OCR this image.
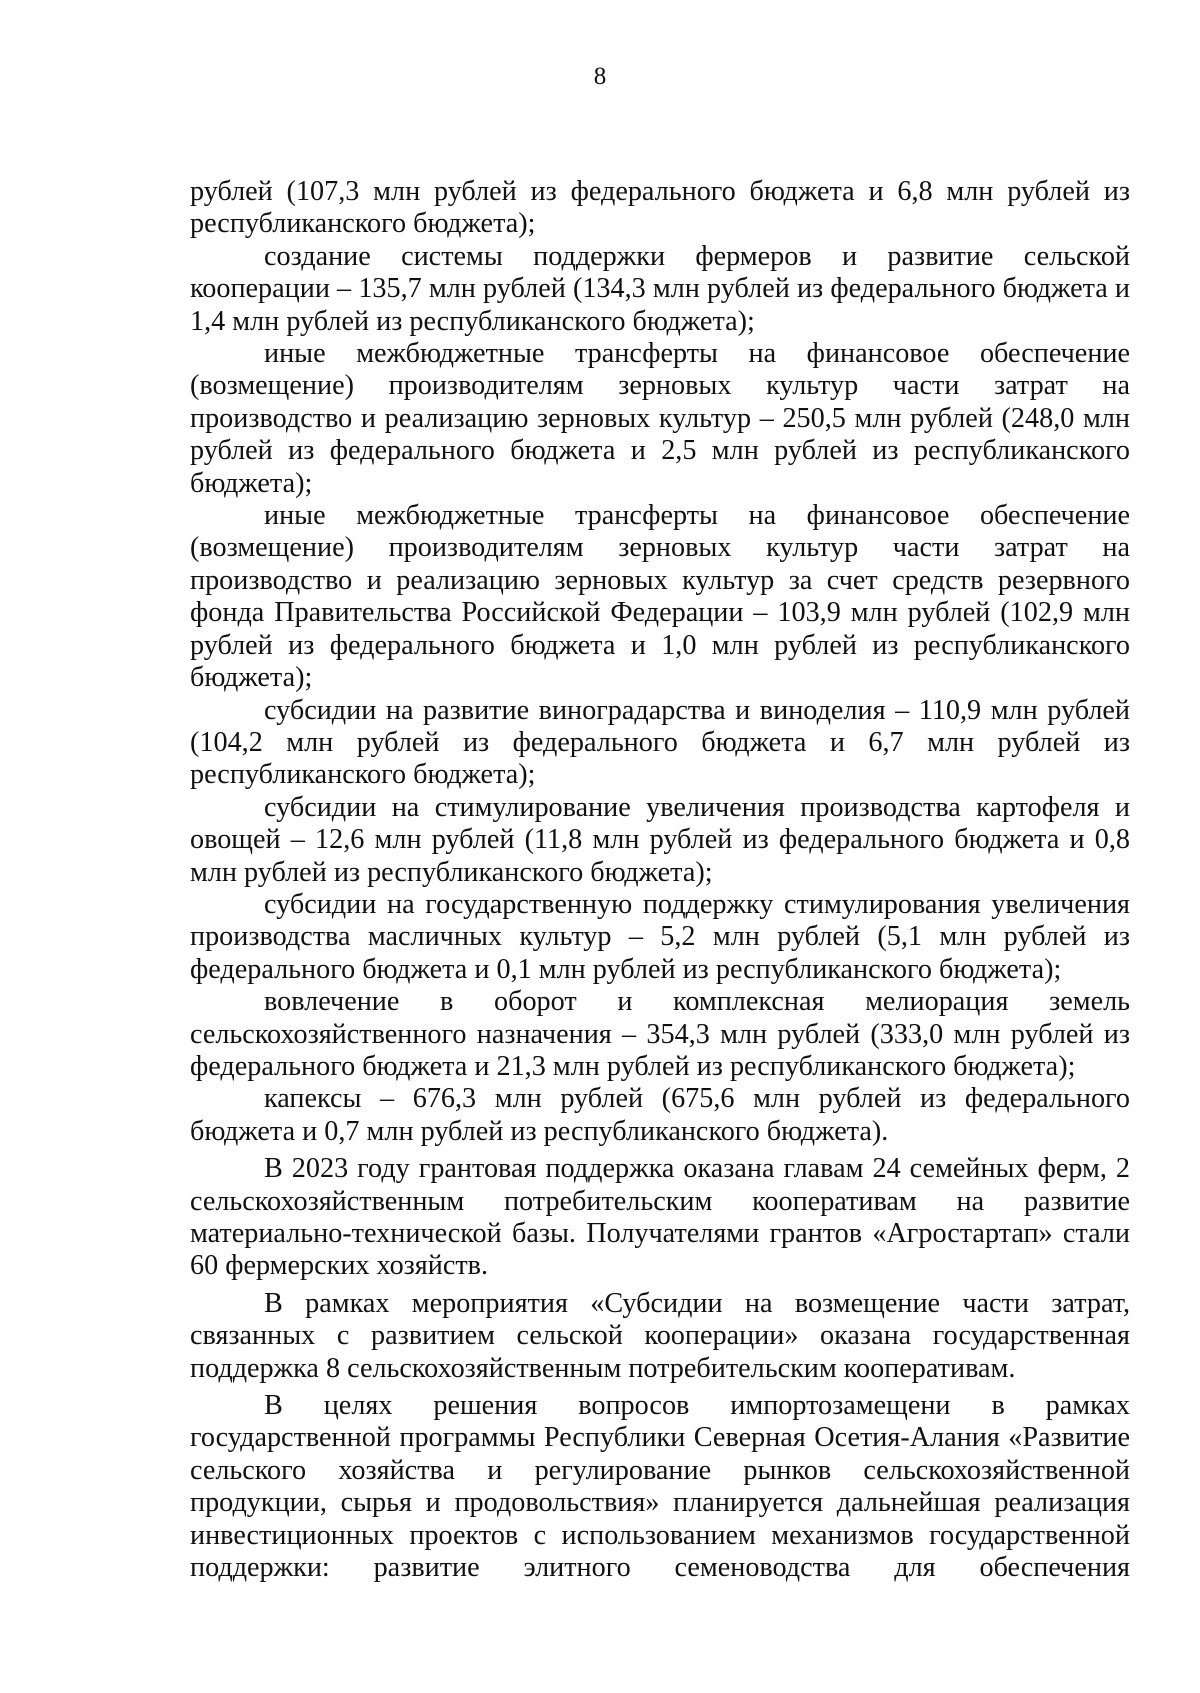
8

рублей (107,3 млн рублей из федерального бюджета и 6,8 млн рублей из республиканского бюджета);

создание системы поддержки фермеров и развитие сельской кооперации – 135,7 млн рублей (134,3 млн рублей из федерального бюджета и 1,4 млн рублей из республиканского бюджета);

иные межбюджетные трансферты на финансовое обеспечение (возмещение) производителям зерновых культур части затрат на производство и реализацию зерновых культур – 250,5 млн рублей (248,0 млн рублей из федерального бюджета и 2,5 млн рублей из республиканского бюджета);

иные межбюджетные трансферты на финансовое обеспечение (возмещение) производителям зерновых культур части затрат на производство и реализацию зерновых культур за счет средств резервного фонда Правительства Российской Федерации – 103,9 млн рублей (102,9 млн рублей из федерального бюджета и 1,0 млн рублей из республиканского бюджета);

субсидии на развитие виноградарства и виноделия – 110,9 млн рублей (104,2 млн рублей из федерального бюджета и 6,7 млн рублей из республиканского бюджета);

субсидии на стимулирование увеличения производства картофеля и овощей – 12,6 млн рублей (11,8 млн рублей из федерального бюджета и 0,8 млн рублей из республиканского бюджета);

субсидии на государственную поддержку стимулирования увеличения производства масличных культур – 5,2 млн рублей (5,1 млн рублей из федерального бюджета и 0,1 млн рублей из республиканского бюджета);

вовлечение в оборот и комплексная мелиорация земель сельскохозяйственного назначения – 354,3 млн рублей (333,0 млн рублей из федерального бюджета и 21,3 млн рублей из республиканского бюджета);

капексы – 676,3 млн рублей (675,6 млн рублей из федерального бюджета и 0,7 млн рублей из республиканского бюджета).

В 2023 году грантовая поддержка оказана главам 24 семейных ферм, 2 сельскохозяйственным потребительским кооперативам на развитие материально-технической базы. Получателями грантов «Агростартап» стали 60 фермерских хозяйств.

В рамках мероприятия «Субсидии на возмещение части затрат, связанных с развитием сельской кооперации» оказана государственная поддержка 8 сельскохозяйственным потребительским кооперативам.

В целях решения вопросов импортозамещени в рамках государственной программы Республики Северная Осетия-Алания «Развитие сельского хозяйства и регулирование рынков сельскохозяйственной продукции, сырья и продовольствия» планируется дальнейшая реализация инвестиционных проектов с использованием механизмов государственной поддержки: развитие элитного семеноводства для обеспечения
